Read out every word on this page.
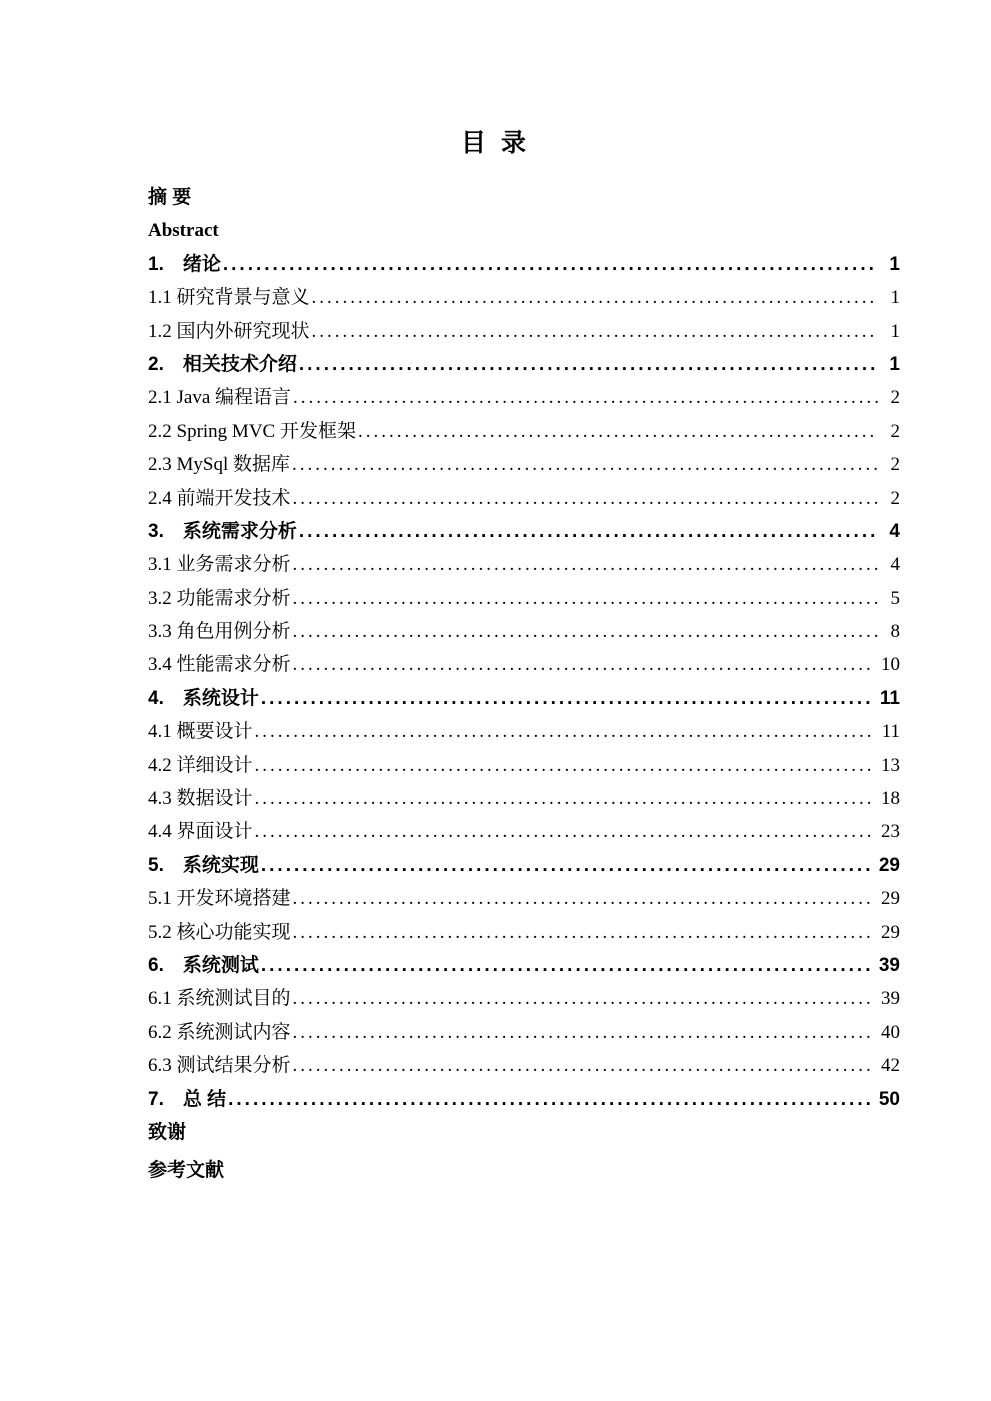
目 录
摘 要
Abstract
1.　绪论 .....	1
1.1 研究背景与意义 .....	1
1.2 国内外研究现状 .....	1
2.　相关技术介绍 .....	1
2.1 Java 编程语言 .....	2
2.2 Spring MVC 开发框架 .....	2
2.3 MySql 数据库 .....	2
2.4 前端开发技术 .....	2
3.　系统需求分析 .....	4
3.1 业务需求分析 .....	4
3.2 功能需求分析 .....	5
3.3 角色用例分析 .....	8
3.4 性能需求分析 .....	10
4.　系统设计 .....	11
4.1 概要设计 .....	11
4.2 详细设计 .....	13
4.3 数据设计 .....	18
4.4 界面设计 .....	23
5.　系统实现 .....	29
5.1 开发环境搭建 .....	29
5.2 核心功能实现 .....	29
6.　系统测试 .....	39
6.1 系统测试目的 .....	39
6.2 系统测试内容 .....	40
6.3 测试结果分析 .....	42
7.　总 结 .....	50
致谢
参考文献
